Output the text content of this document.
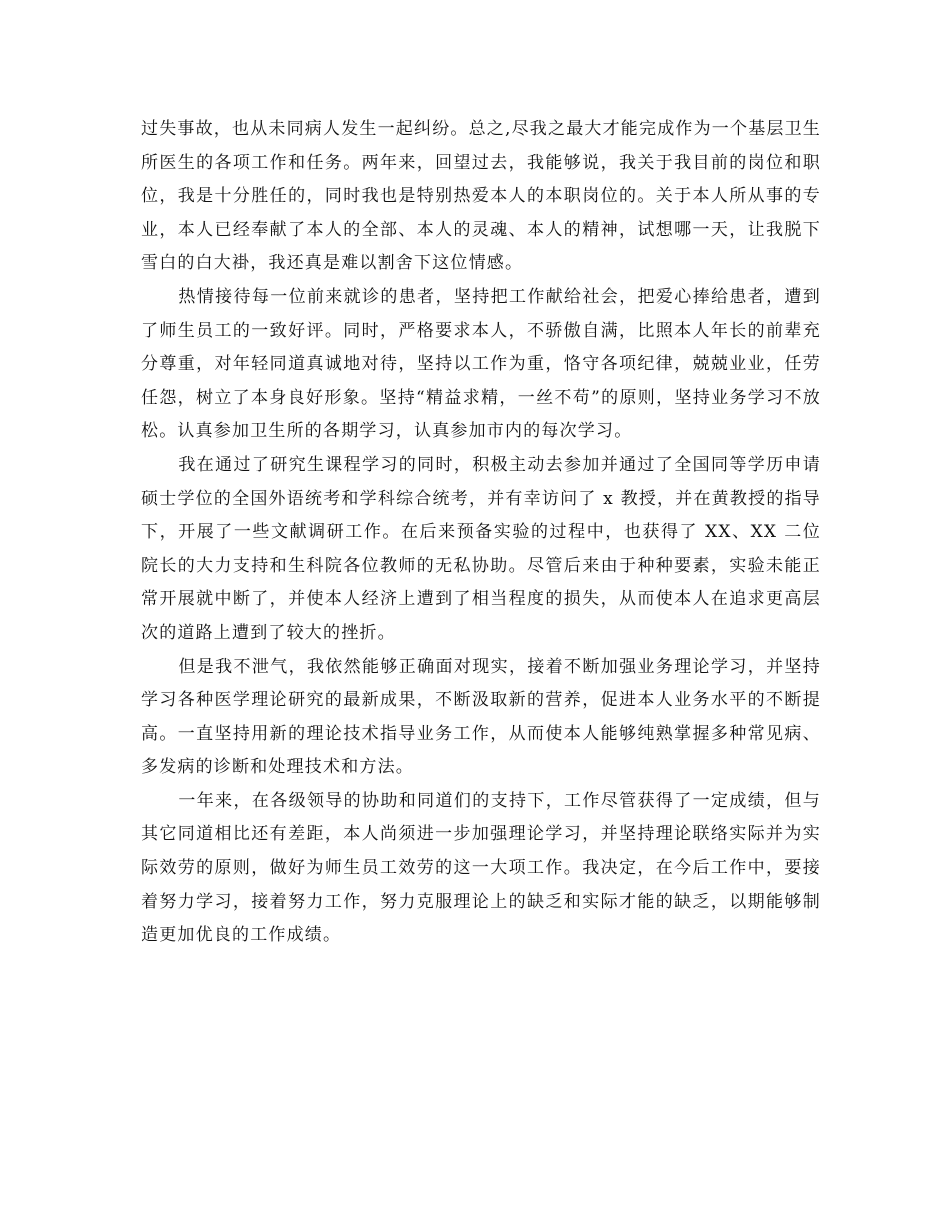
过失事故，也从未同病人发生一起纠纷。总之,尽我之最大才能完成作为一个基层卫生所医生的各项工作和任务。两年来，回望过去，我能够说，我关于我目前的岗位和职位，我是十分胜任的，同时我也是特别热爱本人的本职岗位的。关于本人所从事的专业，本人已经奉献了本人的全部、本人的灵魂、本人的精神，试想哪一天，让我脱下雪白的白大褂，我还真是难以割舍下这位情感。

热情接待每一位前来就诊的患者，坚持把工作献给社会，把爱心捧给患者，遭到了师生员工的一致好评。同时，严格要求本人，不骄傲自满，比照本人年长的前辈充分尊重，对年轻同道真诚地对待，坚持以工作为重，恪守各项纪律，兢兢业业，任劳任怨，树立了本身良好形象。坚持“精益求精，一丝不苟”的原则，坚持业务学习不放松。认真参加卫生所的各期学习，认真参加市内的每次学习。

我在通过了研究生课程学习的同时，积极主动去参加并通过了全国同等学历申请硕士学位的全国外语统考和学科综合统考，并有幸访问了 x 教授，并在黄教授的指导下，开展了一些文献调研工作。在后来预备实验的过程中，也获得了 XX、XX 二位院长的大力支持和生科院各位教师的无私协助。尽管后来由于种种要素，实验未能正常开展就中断了，并使本人经济上遭到了相当程度的损失，从而使本人在追求更高层次的道路上遭到了较大的挫折。

但是我不泄气，我依然能够正确面对现实，接着不断加强业务理论学习，并坚持学习各种医学理论研究的最新成果，不断汲取新的营养，促进本人业务水平的不断提高。一直坚持用新的理论技术指导业务工作，从而使本人能够纯熟掌握多种常见病、多发病的诊断和处理技术和方法。

一年来，在各级领导的协助和同道们的支持下，工作尽管获得了一定成绩，但与其它同道相比还有差距，本人尚须进一步加强理论学习，并坚持理论联络实际并为实际效劳的原则，做好为师生员工效劳的这一大项工作。我决定，在今后工作中，要接着努力学习，接着努力工作，努力克服理论上的缺乏和实际才能的缺乏，以期能够制造更加优良的工作成绩。
